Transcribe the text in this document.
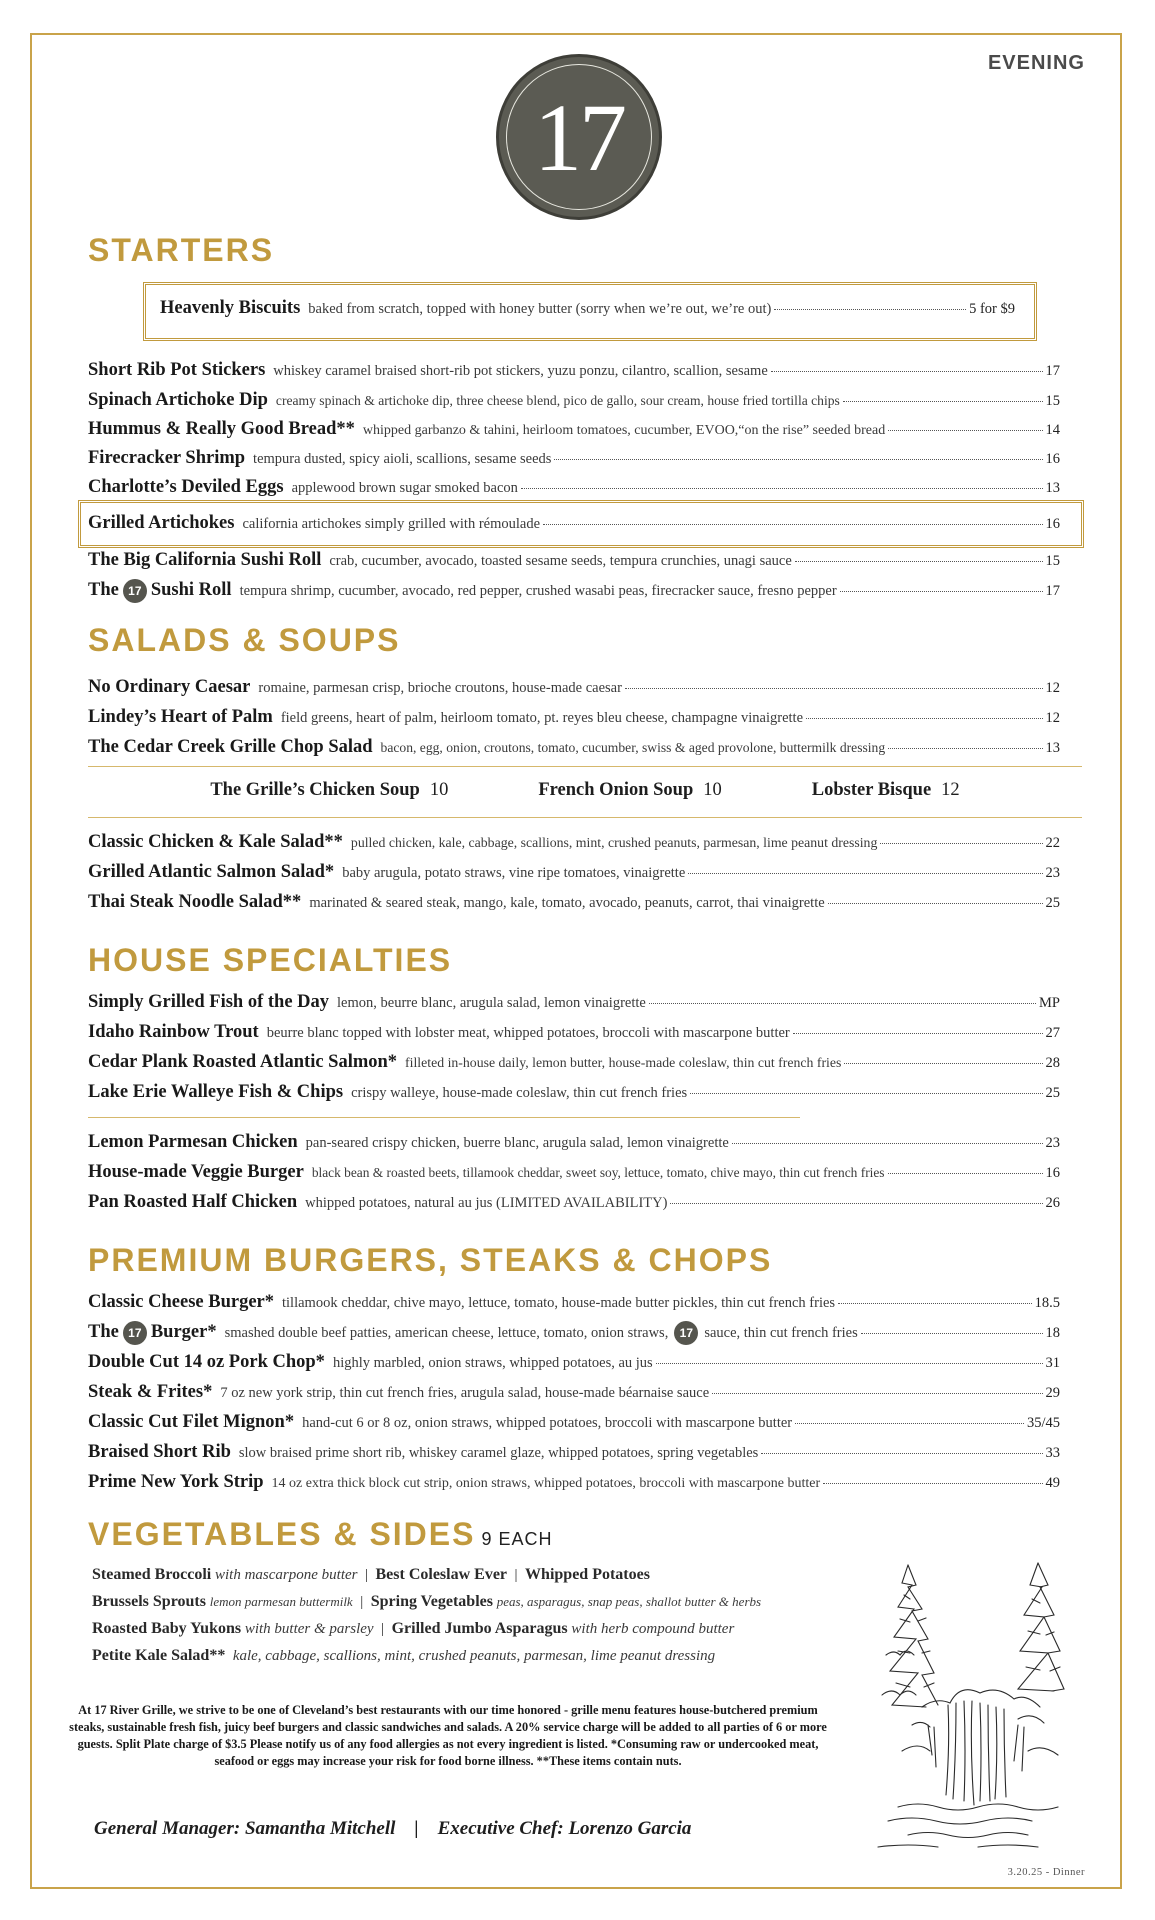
EVENING
17
STARTERS
Heavenly Biscuits baked from scratch, topped with honey butter (sorry when we’re out, we’re out)	5 for $9
Short Rib Pot Stickers whiskey caramel braised short-rib pot stickers, yuzu ponzu, cilantro, scallion, sesame	17
Spinach Artichoke Dip creamy spinach & artichoke dip, three cheese blend, pico de gallo, sour cream, house fried tortilla chips	15
Hummus & Really Good Bread** whipped garbanzo & tahini, heirloom tomatoes, cucumber, EVOO,“on the rise” seeded bread	14
Firecracker Shrimp tempura dusted, spicy aioli, scallions, sesame seeds	16
Charlotte’s Deviled Eggs applewood brown sugar smoked bacon	13
Grilled Artichokes california artichokes simply grilled with rémoulade	16
The Big California Sushi Roll crab, cucumber, avocado, toasted sesame seeds, tempura crunchies, unagi sauce	15
The 17 Sushi Roll tempura shrimp, cucumber, avocado, red pepper, crushed wasabi peas, firecracker sauce, fresno pepper	17
SALADS & SOUPS
No Ordinary Caesar romaine, parmesan crisp, brioche croutons, house-made caesar	12
Lindey’s Heart of Palm field greens, heart of palm, heirloom tomato, pt. reyes bleu cheese, champagne vinaigrette	12
The Cedar Creek Grille Chop Salad bacon, egg, onion, croutons, tomato, cucumber, swiss & aged provolone, buttermilk dressing	13
The Grille’s Chicken Soup 10	French Onion Soup 10	Lobster Bisque 12
Classic Chicken & Kale Salad** pulled chicken, kale, cabbage, scallions, mint, crushed peanuts, parmesan, lime peanut dressing	22
Grilled Atlantic Salmon Salad* baby arugula, potato straws, vine ripe tomatoes, vinaigrette	23
Thai Steak Noodle Salad** marinated & seared steak, mango, kale, tomato, avocado, peanuts, carrot, thai vinaigrette	25
HOUSE SPECIALTIES
Simply Grilled Fish of the Day lemon, beurre blanc, arugula salad, lemon vinaigrette	MP
Idaho Rainbow Trout beurre blanc topped with lobster meat, whipped potatoes, broccoli with mascarpone butter	27
Cedar Plank Roasted Atlantic Salmon* filleted in-house daily, lemon butter, house-made coleslaw, thin cut french fries	28
Lake Erie Walleye Fish & Chips crispy walleye, house-made coleslaw, thin cut french fries	25
Lemon Parmesan Chicken pan-seared crispy chicken, buerre blanc, arugula salad, lemon vinaigrette	23
House-made Veggie Burger black bean & roasted beets, tillamook cheddar, sweet soy, lettuce, tomato, chive mayo, thin cut french fries	16
Pan Roasted Half Chicken whipped potatoes, natural au jus (LIMITED AVAILABILITY)	26
PREMIUM BURGERS, STEAKS & CHOPS
Classic Cheese Burger* tillamook cheddar, chive mayo, lettuce, tomato, house-made butter pickles, thin cut french fries	18.5
The 17 Burger* smashed double beef patties, american cheese, lettuce, tomato, onion straws, 17 sauce, thin cut french fries	18
Double Cut 14 oz Pork Chop* highly marbled, onion straws, whipped potatoes, au jus	31
Steak & Frites* 7 oz new york strip, thin cut french fries, arugula salad, house-made béarnaise sauce	29
Classic Cut Filet Mignon* hand-cut 6 or 8 oz, onion straws, whipped potatoes, broccoli with mascarpone butter	35/45
Braised Short Rib slow braised prime short rib, whiskey caramel glaze, whipped potatoes, spring vegetables	33
Prime New York Strip 14 oz extra thick block cut strip, onion straws, whipped potatoes, broccoli with mascarpone butter	49
VEGETABLES & SIDES 9 EACH
Steamed Broccoli with mascarpone butter | Best Coleslaw Ever | Whipped Potatoes
Brussels Sprouts lemon parmesan buttermilk | Spring Vegetables peas, asparagus, snap peas, shallot butter & herbs
Roasted Baby Yukons with butter & parsley | Grilled Jumbo Asparagus with herb compound butter
Petite Kale Salad** kale, cabbage, scallions, mint, crushed peanuts, parmesan, lime peanut dressing
At 17 River Grille, we strive to be one of Cleveland’s best restaurants with our time honored - grille menu features house-butchered premium steaks, sustainable fresh fish, juicy beef burgers and classic sandwiches and salads. A 20% service charge will be added to all parties of 6 or more guests. Split Plate charge of $3.5 Please notify us of any food allergies as not every ingredient is listed. *Consuming raw or undercooked meat, seafood or eggs may increase your risk for food borne illness. **These items contain nuts.
General Manager: Samantha Mitchell | Executive Chef: Lorenzo Garcia
3.20.25 - Dinner
